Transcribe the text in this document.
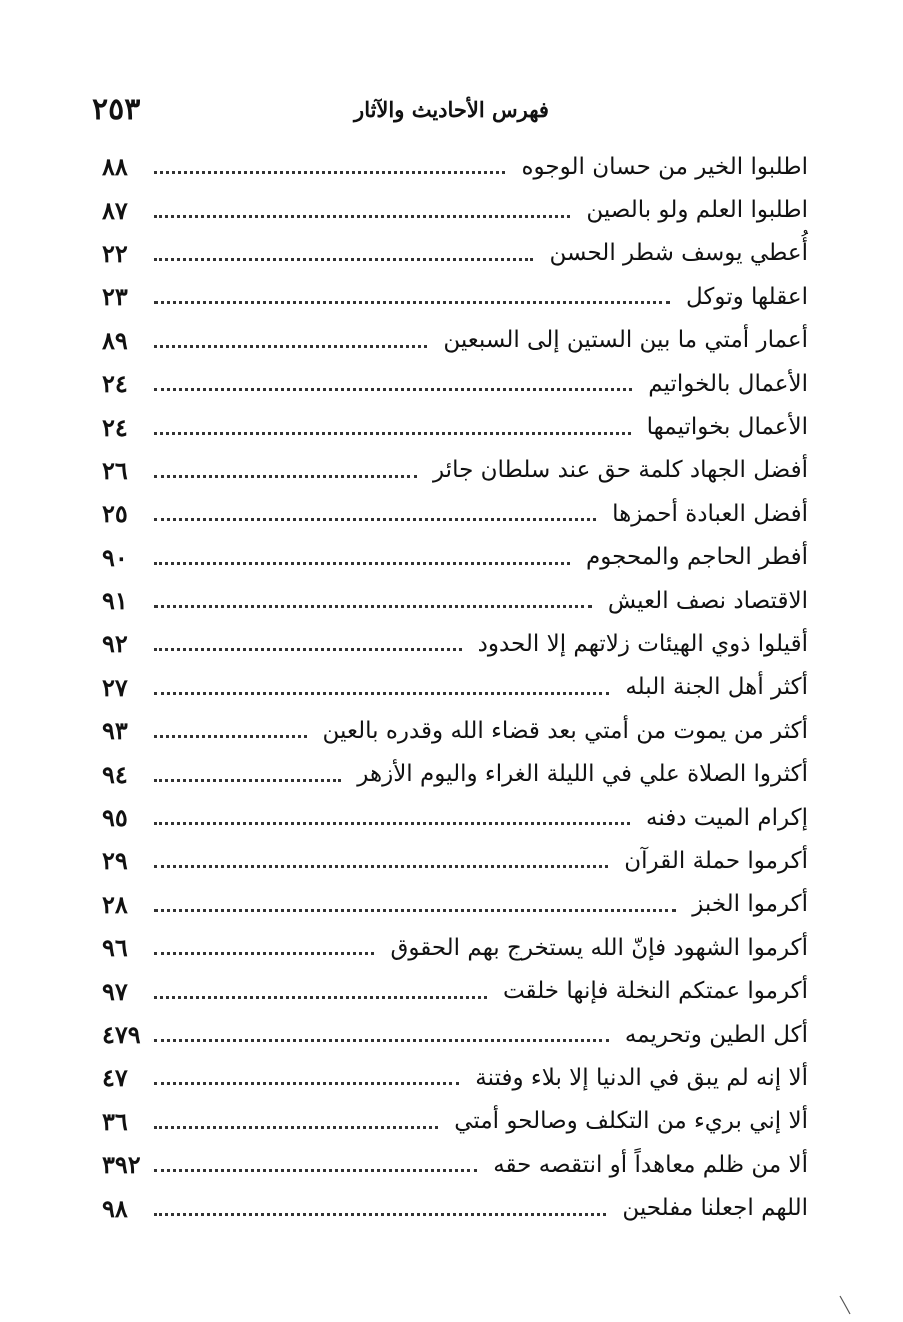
٢٥٣	فهرس الأحاديث والآثار
٨٨	اطلبوا الخير من حسان الوجوه
٨٧	اطلبوا العلم ولو بالصين
٢٢	أُعطي يوسف شطر الحسن
٢٣	اعقلها وتوكل
٨٩	أعمار أمتي ما بين الستين إلى السبعين
٢٤	الأعمال بالخواتيم
٢٤	الأعمال بخواتيمها
٢٦	أفضل الجهاد كلمة حق عند سلطان جائر
٢٥	أفضل العبادة أحمزها
٩٠	أفطر الحاجم والمحجوم
٩١	الاقتصاد نصف العيش
٩٢	أقيلوا ذوي الهيئات زلاتهم إلا الحدود
٢٧	أكثر أهل الجنة البله
٩٣	أكثر من يموت من أمتي بعد قضاء الله وقدره بالعين
٩٤	أكثروا الصلاة علي في الليلة الغراء واليوم الأزهر
٩٥	إكرام الميت دفنه
٢٩	أكرموا حملة القرآن
٢٨	أكرموا الخبز
٩٦	أكرموا الشهود فإنّ الله يستخرج بهم الحقوق
٩٧	أكرموا عمتكم النخلة فإنها خلقت
٤٧٩	أكل الطين وتحريمه
٤٧	ألا إنه لم يبق في الدنيا إلا بلاء وفتنة
٣٦	ألا إني بريء من التكلف وصالحو أمتي
٣٩٢	ألا من ظلم معاهداً أو انتقصه حقه
٩٨	اللهم اجعلنا مفلحين
